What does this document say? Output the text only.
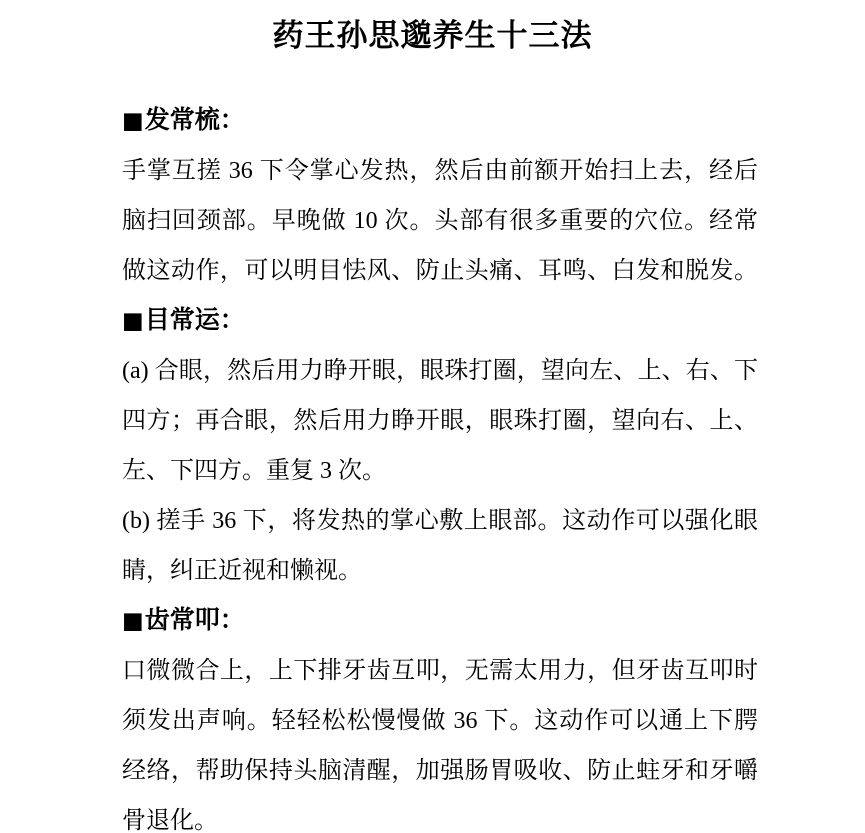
药王孙思邈养生十三法
■发常梳：
手掌互搓 36 下令掌心发热，然后由前额开始扫上去，经后
脑扫回颈部。早晚做 10 次。头部有很多重要的穴位。经常
做这动作，可以明目怯风、防止头痛、耳鸣、白发和脱发。
■目常运：
(a) 合眼，然后用力睁开眼，眼珠打圈，望向左、上、右、下
四方；再合眼，然后用力睁开眼，眼珠打圈，望向右、上、
左、下四方。重复 3 次。
(b) 搓手 36 下，将发热的掌心敷上眼部。这动作可以强化眼
睛，纠正近视和懒视。
■齿常叩：
口微微合上，上下排牙齿互叩，无需太用力，但牙齿互叩时
须发出声响。轻轻松松慢慢做 36 下。这动作可以通上下腭
经络，帮助保持头脑清醒，加强肠胃吸收、防止蛀牙和牙嚼
骨退化。
